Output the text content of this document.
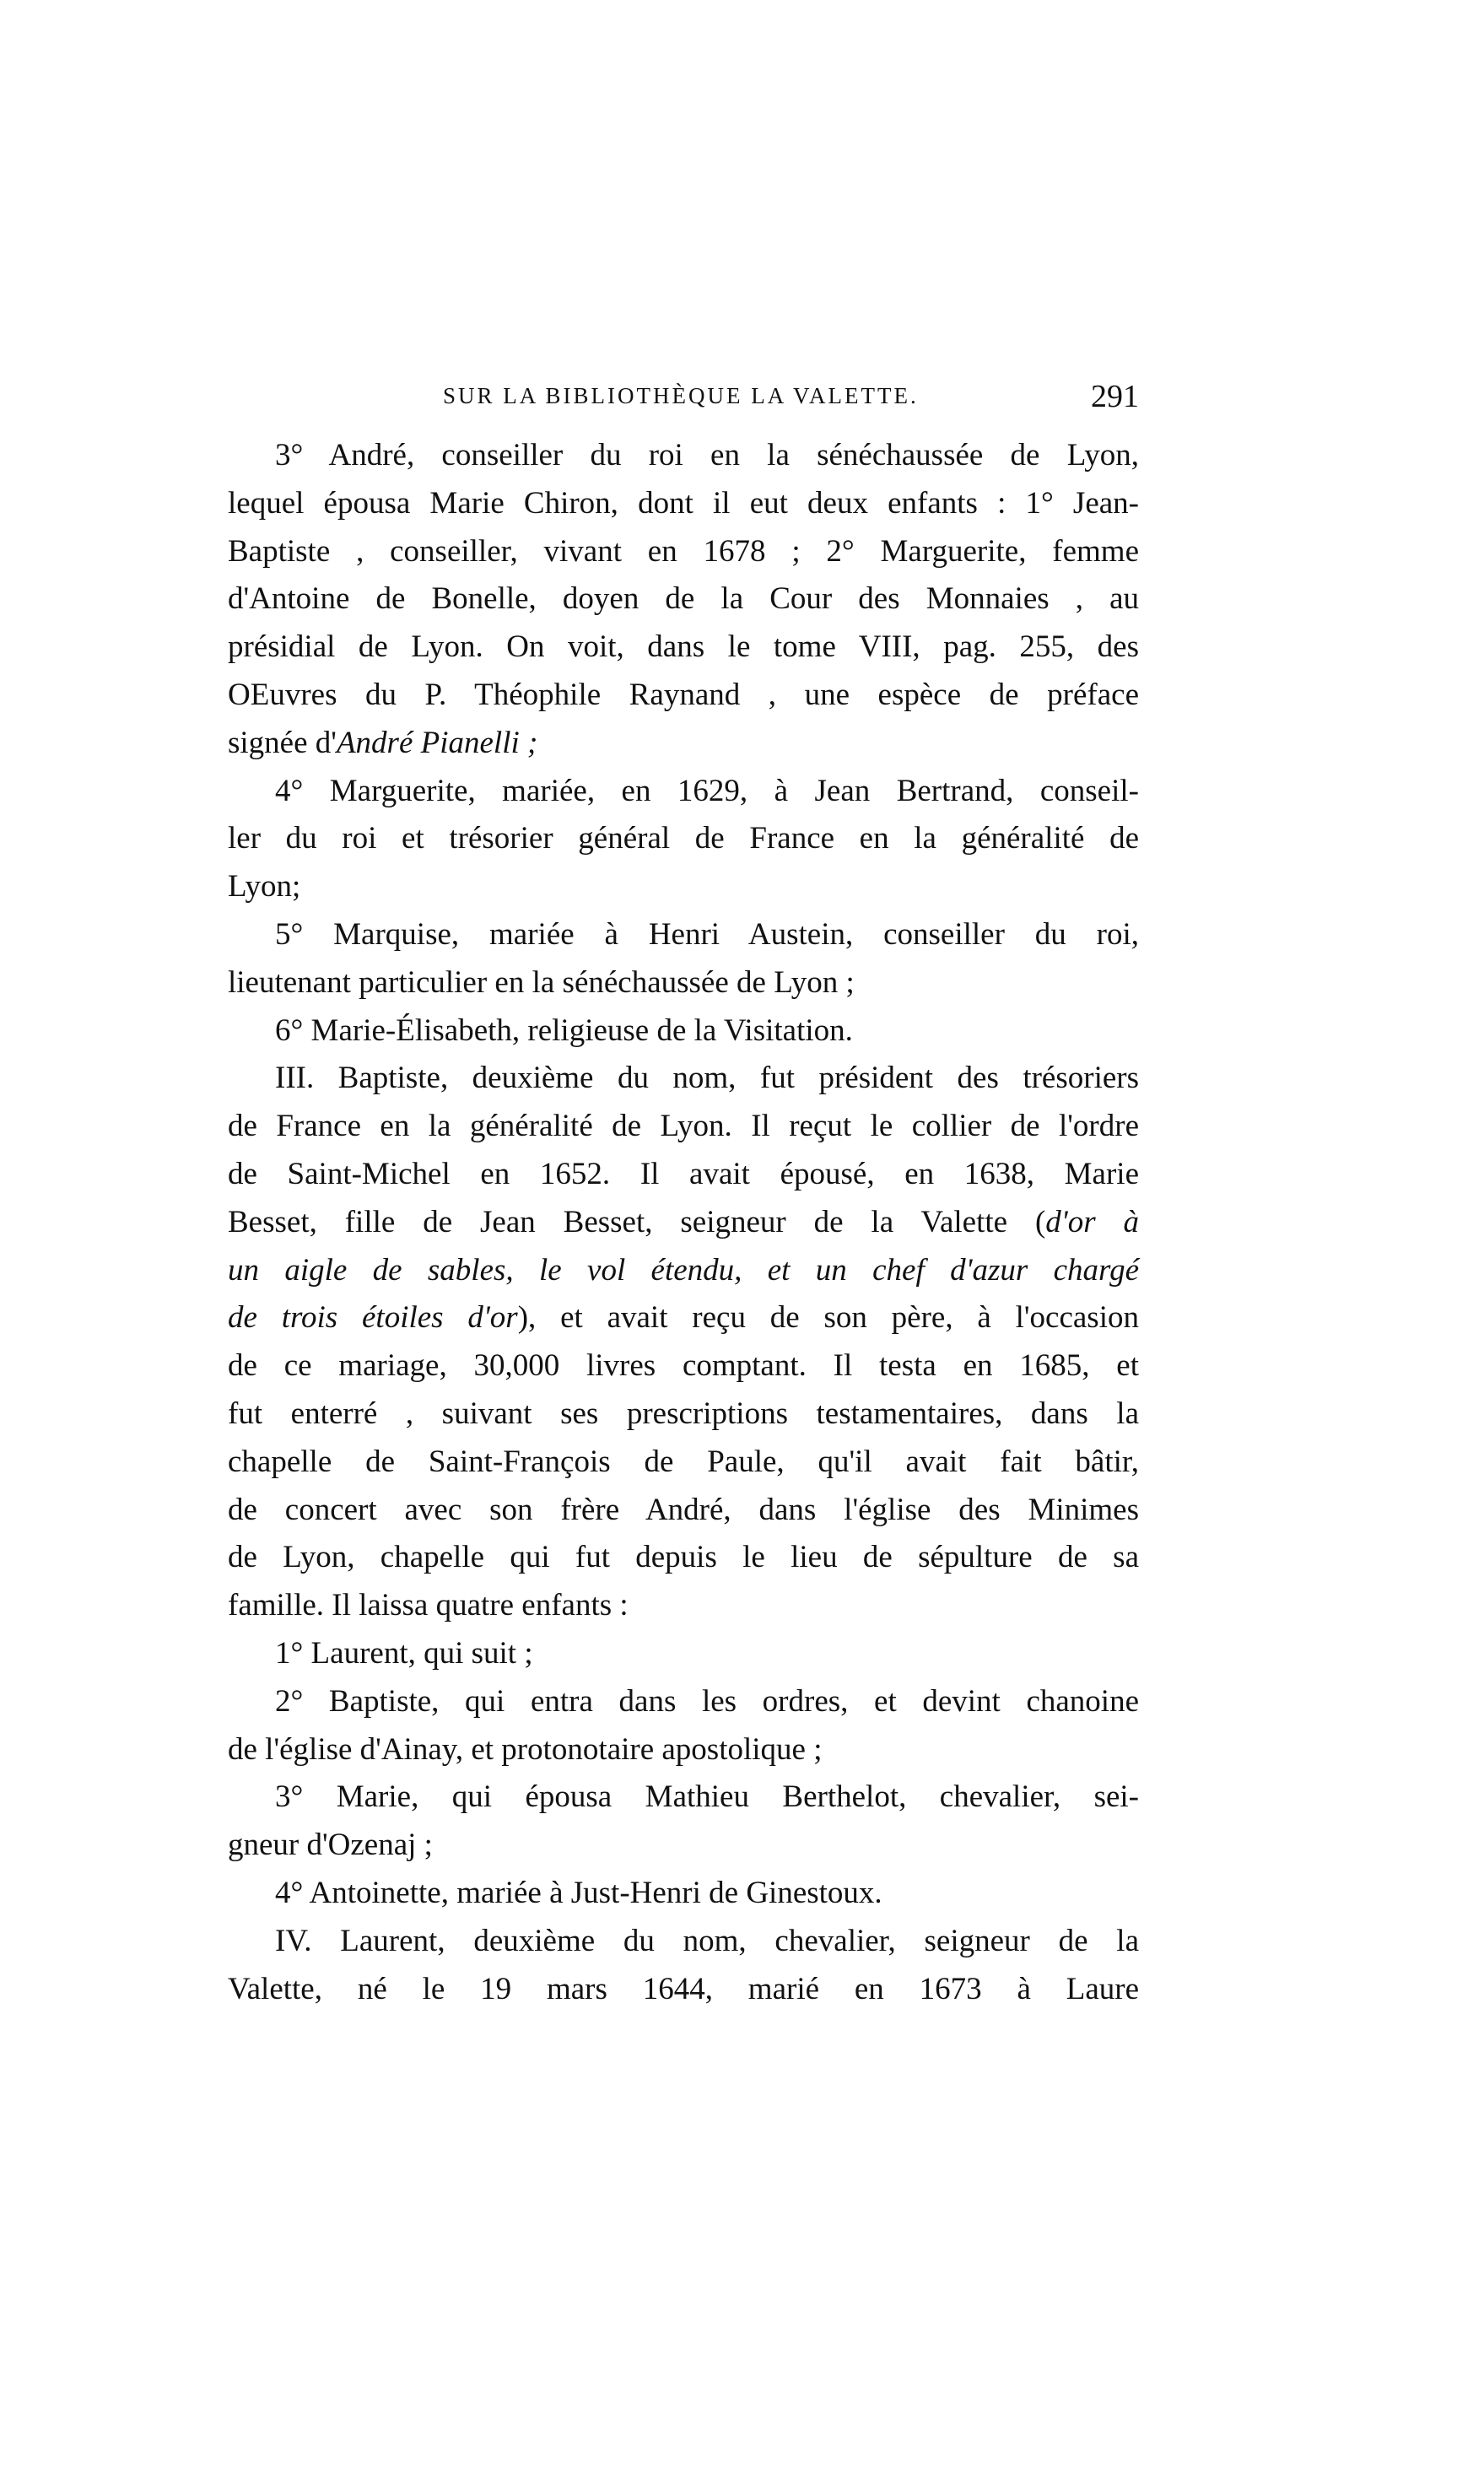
SUR LA BIBLIOTHÈQUE LA VALETTE.	291
3° André, conseiller du roi en la sénéchaussée de Lyon,
lequel épousa Marie Chiron, dont il eut deux enfants : 1° Jean-
Baptiste , conseiller, vivant en 1678 ; 2° Marguerite, femme
d'Antoine de Bonelle, doyen de la Cour des Monnaies , au
présidial de Lyon. On voit, dans le tome VIII, pag. 255, des
OEuvres du P. Théophile Raynand , une espèce de préface
signée d'André Pianelli ;
4° Marguerite, mariée, en 1629, à Jean Bertrand, conseil-
ler du roi et trésorier général de France en la généralité de
Lyon;
5° Marquise, mariée à Henri Austein, conseiller du roi,
lieutenant particulier en la sénéchaussée de Lyon ;
6° Marie-Élisabeth, religieuse de la Visitation.
III. Baptiste, deuxième du nom, fut président des trésoriers
de France en la généralité de Lyon. Il reçut le collier de l'ordre
de Saint-Michel en 1652. Il avait épousé, en 1638, Marie
Besset, fille de Jean Besset, seigneur de la Valette (d'or à
un aigle de sables, le vol étendu, et un chef d'azur chargé
de trois étoiles d'or), et avait reçu de son père, à l'occasion
de ce mariage, 30,000 livres comptant. Il testa en 1685, et
fut enterré , suivant ses prescriptions testamentaires, dans la
chapelle de Saint-François de Paule, qu'il avait fait bâtir,
de concert avec son frère André, dans l'église des Minimes
de Lyon, chapelle qui fut depuis le lieu de sépulture de sa
famille. Il laissa quatre enfants :
1° Laurent, qui suit ;
2° Baptiste, qui entra dans les ordres, et devint chanoine
de l'église d'Ainay, et protonotaire apostolique ;
3° Marie, qui épousa Mathieu Berthelot, chevalier, sei-
gneur d'Ozenaj ;
4° Antoinette, mariée à Just-Henri de Ginestoux.
IV. Laurent, deuxième du nom, chevalier, seigneur de la
Valette, né le 19 mars 1644, marié en 1673 à Laure
